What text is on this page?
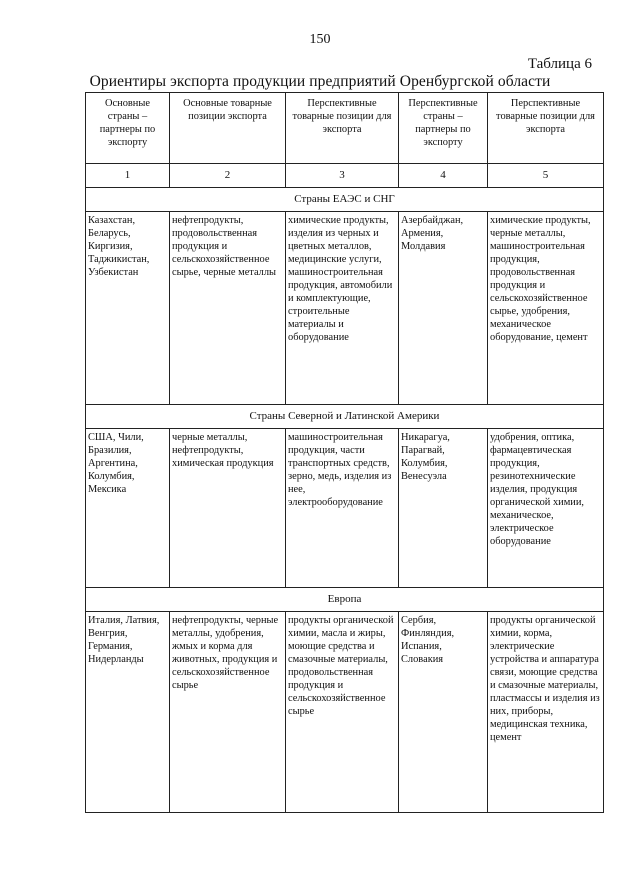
150
Таблица 6
Ориентиры экспорта продукции предприятий Оренбургской области
Основные страны – партнеры по экспорту	Основные товарные позиции экспорта	Перспективные товарные позиции для экспорта	Перспективные страны – партнеры по экспорту	Перспективные товарные позиции для экспорта
1	2	3	4	5
Страны ЕАЭС и СНГ				
Казахстан, Беларусь, Киргизия, Таджикистан, Узбекистан	нефтепродукты, продовольственная продукция и сельскохозяйственное сырье, черные металлы	химические продукты, изделия из черных и цветных металлов, медицинские услуги, машиностроительная продукция, автомобили и комплектующие, строительные материалы и оборудование	Азербайджан, Армения, Молдавия	химические продукты, черные металлы, машиностроительная продукция, продовольственная продукция и сельскохозяйственное сырье, удобрения, механическое оборудование, цемент
Страны Северной и Латинской Америки				
США, Чили, Бразилия, Аргентина, Колумбия, Мексика	черные металлы, нефтепродукты, химическая продукция	машиностроительная продукция, части транспортных средств, зерно, медь, изделия из нее, электрооборудование	Никарагуа, Парагвай, Колумбия, Венесуэла	удобрения, оптика, фармацевтическая продукция, резинотехнические изделия, продукция органической химии, механическое, электрическое оборудование
Европа				
Италия, Латвия, Венгрия, Германия, Нидерланды	нефтепродукты, черные металлы, удобрения, жмых и корма для животных, продукция и сельскохозяйственное сырье	продукты органической химии, масла и жиры, моющие средства и смазочные материалы, продовольственная продукция и сельскохозяйственное сырье	Сербия, Финляндия, Испания, Словакия	продукты органической химии, корма, электрические устройства и аппаратура связи, моющие средства и смазочные материалы, пластмассы и изделия из них, приборы, медицинская техника, цемент
